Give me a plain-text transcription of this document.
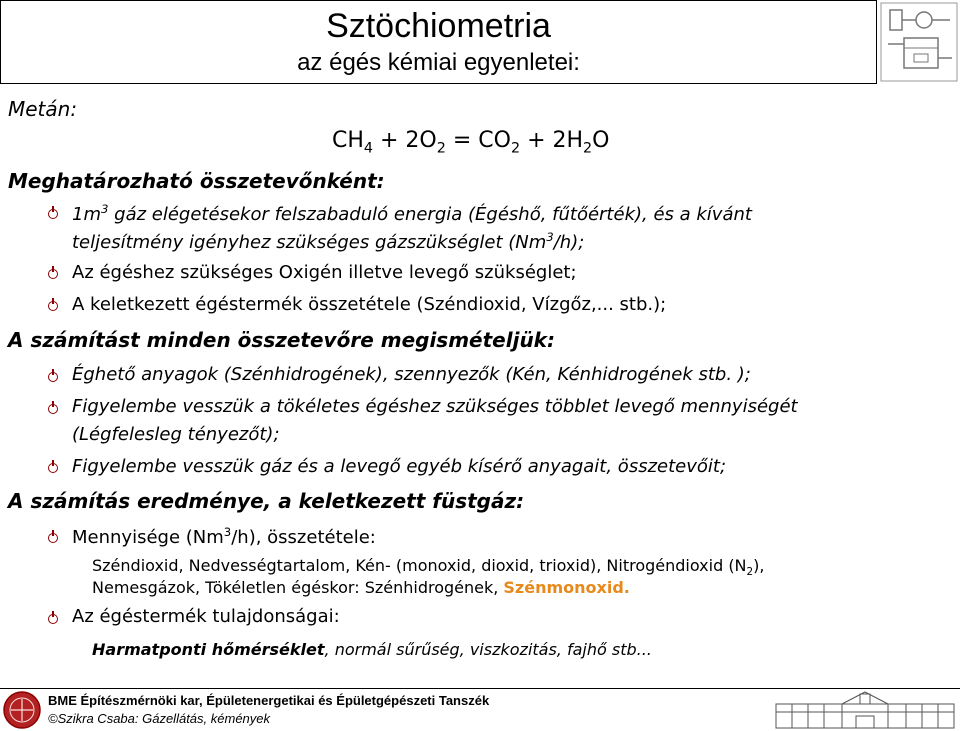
Sztöchiometria
az égés kémiai egyenletei:
Metán:
$CH_4 + 2O_2 = CO_2 + 2H_2O$
Meghatározható összetevőnként:
$1m^3$ gáz elégetésekor felszabaduló energia (Égéshő, fűtőérték), és a kívánt
teljesítmény igényhez szükséges gázszükséglet (Nm$^3$/h);
Az égéshez szükséges Oxigén illetve levegő szükséglet;
A keletkezett égéstermék összetétele (Széndioxid, Vízgőz,... stb.);
A számítást minden összetevőre megismételjük:
Éghető anyagok (Szénhidrogének), szennyezők (Kén, Kénhidrogének stb. );
Figyelembe vesszük a tökéletes égéshez szükséges többlet levegő mennyiségét
(Légfelesleg tényezőt);
Figyelembe vesszük gáz és a levegő egyéb kísérő anyagait, összetevőit;
A számítás eredménye, a keletkezett füstgáz:
Mennyisége (Nm$^3$/h), összetétele:
Széndioxid, Nedvességtartalom, Kén- (monoxid, dioxid, trioxid), Nitrogéndioxid $(N_2)$,
Nemesgázok, Tökéletlen égéskor: Szénhidrogének, Szénmonoxid.
Az égéstermék tulajdonságai:
Harmatponti hőmérséklet, normál sűrűség, viszkozitás, fajhő stb...
BME Építészmérnöki kar, Épületenergetikai és Épületgépészeti Tanszék
©Szikra Csaba: Gázellátás, kémények
